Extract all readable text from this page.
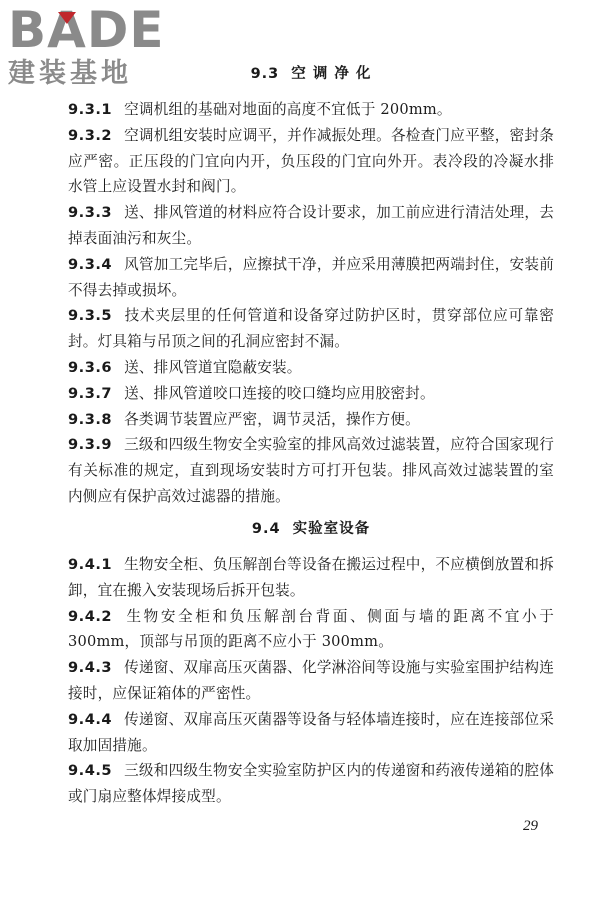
BADE
建装基地	9.3 空 调 净 化

9.3.1 空调机组的基础对地面的高度不宜低于 200mm。

9.3.2 空调机组安装时应调平，并作减振处理。各检查门应平整，密封条应严密。正压段的门宜向内开，负压段的门宜向外开。表冷段的冷凝水排水管上应设置水封和阀门。

9.3.3 送、排风管道的材料应符合设计要求，加工前应进行清洁处理，去掉表面油污和灰尘。

9.3.4 风管加工完毕后，应擦拭干净，并应采用薄膜把两端封住，安装前不得去掉或损坏。

9.3.5 技术夹层里的任何管道和设备穿过防护区时，贯穿部位应可靠密封。灯具箱与吊顶之间的孔洞应密封不漏。

9.3.6 送、排风管道宜隐蔽安装。

9.3.7 送、排风管道咬口连接的咬口缝均应用胶密封。

9.3.8 各类调节装置应严密，调节灵活，操作方便。

9.3.9 三级和四级生物安全实验室的排风高效过滤装置，应符合国家现行有关标准的规定，直到现场安装时方可打开包装。排风高效过滤装置的室内侧应有保护高效过滤器的措施。

9.4 实验室设备

9.4.1 生物安全柜、负压解剖台等设备在搬运过程中，不应横倒放置和拆卸，宜在搬入安装现场后拆开包装。

9.4.2 生物安全柜和负压解剖台背面、侧面与墙的距离不宜小于 300mm，顶部与吊顶的距离不应小于 300mm。

9.4.3 传递窗、双扉高压灭菌器、化学淋浴间等设施与实验室围护结构连接时，应保证箱体的严密性。

9.4.4 传递窗、双扉高压灭菌器等设备与轻体墙连接时，应在连接部位采取加固措施。

9.4.5 三级和四级生物安全实验室防护区内的传递窗和药液传递箱的腔体或门扇应整体焊接成型。

29
